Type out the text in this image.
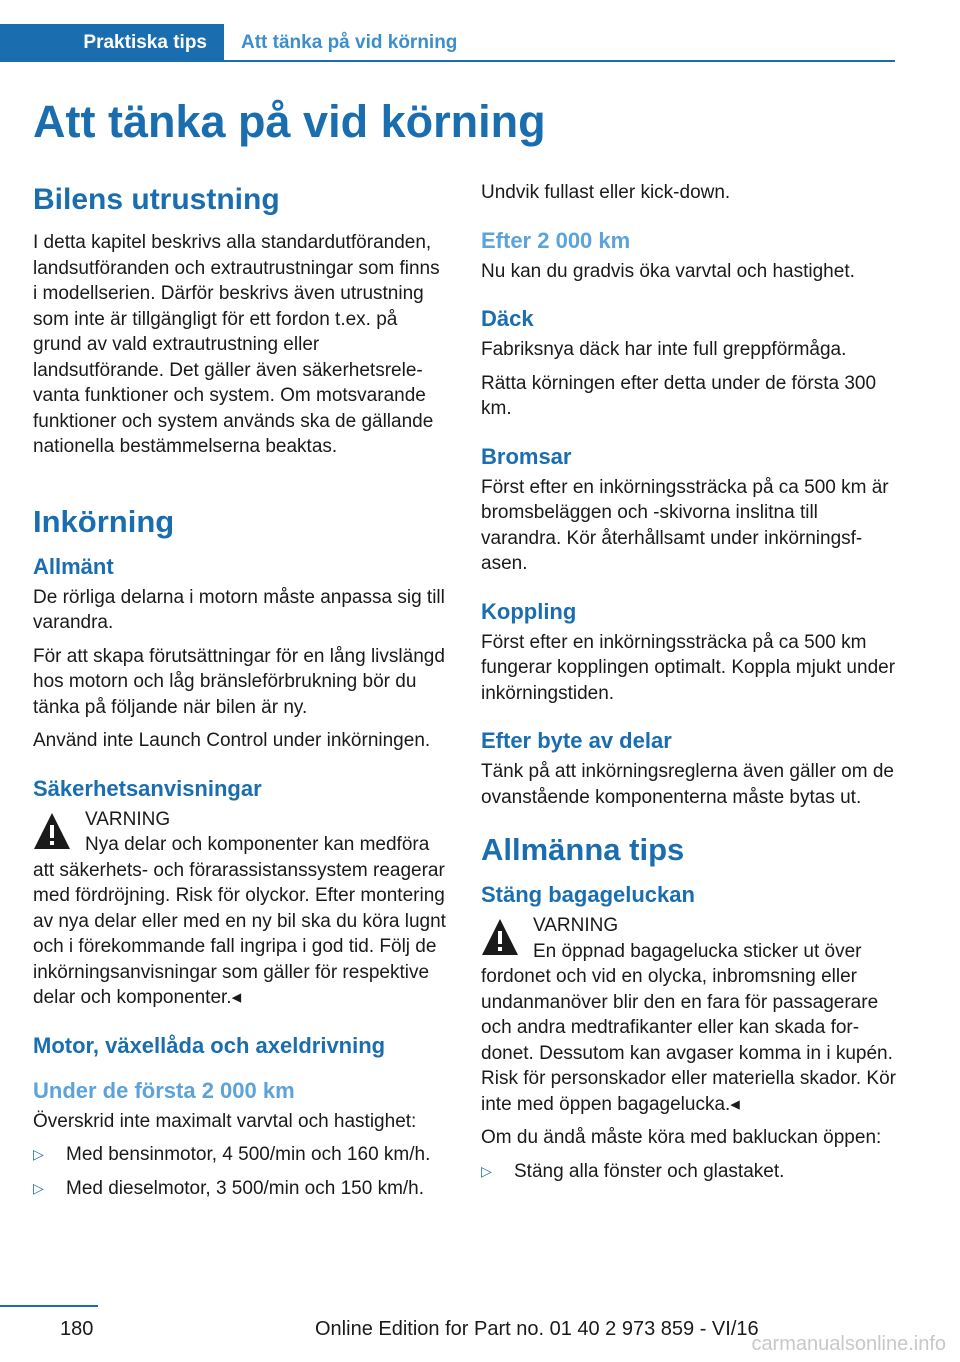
Praktiska tips	Att tänka på vid körning
Att tänka på vid körning
Bilens utrustning

I detta kapitel beskrivs alla standardutföranden, landsutföranden och extrautrustningar som finns i modellserien. Därför beskrivs även utrustning som inte är tillgängligt för ett fordon t.ex. på grund av vald extrautrustning eller landsutförande. Det gäller även säkerhetsrelevanta funktioner och system. Om motsvarande funktioner och system används ska de gällande nationella bestämmelserna beaktas.

Inkörning
Allmänt

De rörliga delarna i motorn måste anpassa sig till varandra.

För att skapa förutsättningar för en lång livslängd hos motorn och låg bränsleförbrukning bör du tänka på följande när bilen är ny.

Använd inte Launch Control under inkörningen.

Säkerhetsanvisningar
VARNING
Nya delar och komponenter kan medföra

att säkerhets- och förarassistanssystem reagerar med fördröjning. Risk för olyckor. Efter montering av nya delar eller med en ny bil ska du köra lugnt och i förekommande fall ingripa i god tid. Följ de inkörningsanvisningar som gäller för respektive delar och komponenter.◂

Motor, växellåda och axeldrivning
Under de första 2 000 km

Överskrid inte maximalt varvtal och hastighet:

▷ Med bensinmotor, 4 500/min och 160 km/h.
▷ Med dieselmotor, 3 500/min och 150 km/h.

Undvik fullast eller kick-down.

Efter 2 000 km

Nu kan du gradvis öka varvtal och hastighet.

Däck

Fabriksnya däck har inte full greppförmåga.

Rätta körningen efter detta under de första 300 km.

Bromsar

Först efter en inkörningssträcka på ca 500 km är bromsbeläggen och -skivorna inslitna till varandra. Kör återhållsamt under inkörningsfasen.

Koppling

Först efter en inkörningssträcka på ca 500 km fungerar kopplingen optimalt. Koppla mjukt under inkörningstiden.

Efter byte av delar

Tänk på att inkörningsreglerna även gäller om de ovanstående komponenterna måste bytas ut.

Allmänna tips
Stäng bagageluckan
VARNING
En öppnad bagagelucka sticker ut över

fordonet och vid en olycka, inbromsning eller undanmanöver blir den en fara för passagerare och andra medtrafikanter eller kan skada fordonet. Dessutom kan avgaser komma in i kupén. Risk för personskador eller materiella skador. Kör inte med öppen bagagelucka.◂

Om du ändå måste köra med bakluckan öppen:

▷ Stäng alla fönster och glastaket.
180	Online Edition for Part no. 01 40 2 973 859 - VI/16
carmanualsonline.info
